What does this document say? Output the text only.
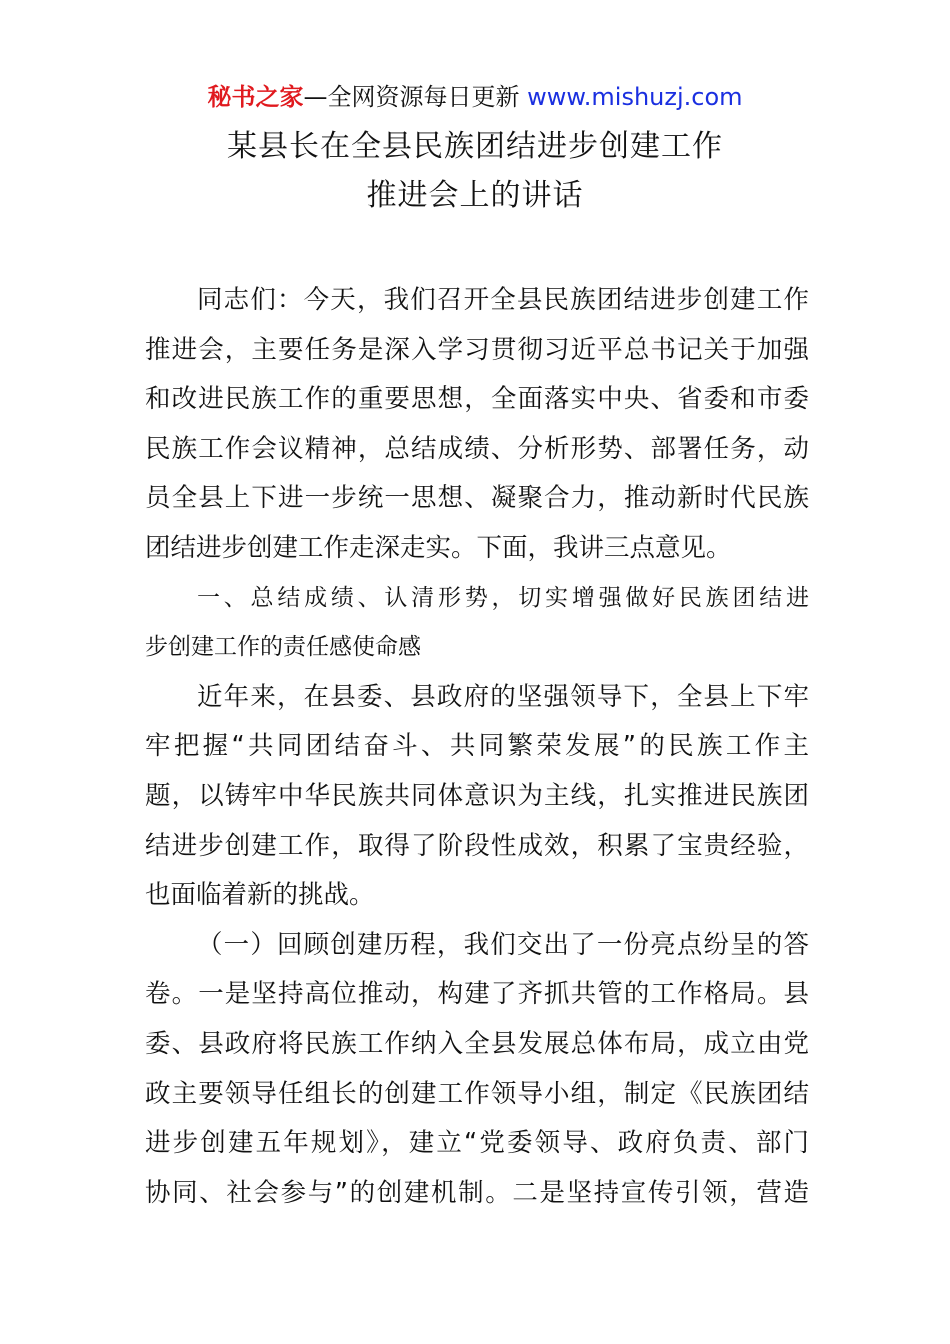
秘书之家—全网资源每日更新 www.mishuzj.com
某县长在全县民族团结进步创建工作
推进会上的讲话
同志们：今天，我们召开全县民族团结进步创建工作
推进会，主要任务是深入学习贯彻习近平总书记关于加强
和改进民族工作的重要思想，全面落实中央、省委和市委
民族工作会议精神，总结成绩、分析形势、部署任务，动
员全县上下进一步统一思想、凝聚合力，推动新时代民族
团结进步创建工作走深走实。下面，我讲三点意见。
一、总结成绩、认清形势，切实增强做好民族团结进
步创建工作的责任感使命感
近年来，在县委、县政府的坚强领导下，全县上下牢
牢把握“共同团结奋斗、共同繁荣发展”的民族工作主
题，以铸牢中华民族共同体意识为主线，扎实推进民族团
结进步创建工作，取得了阶段性成效，积累了宝贵经验，
也面临着新的挑战。
（一）回顾创建历程，我们交出了一份亮点纷呈的答
卷。一是坚持高位推动，构建了齐抓共管的工作格局。县
委、县政府将民族工作纳入全县发展总体布局，成立由党
政主要领导任组长的创建工作领导小组，制定《民族团结
进步创建五年规划》，建立“党委领导、政府负责、部门
协同、社会参与”的创建机制。二是坚持宣传引领，营造
